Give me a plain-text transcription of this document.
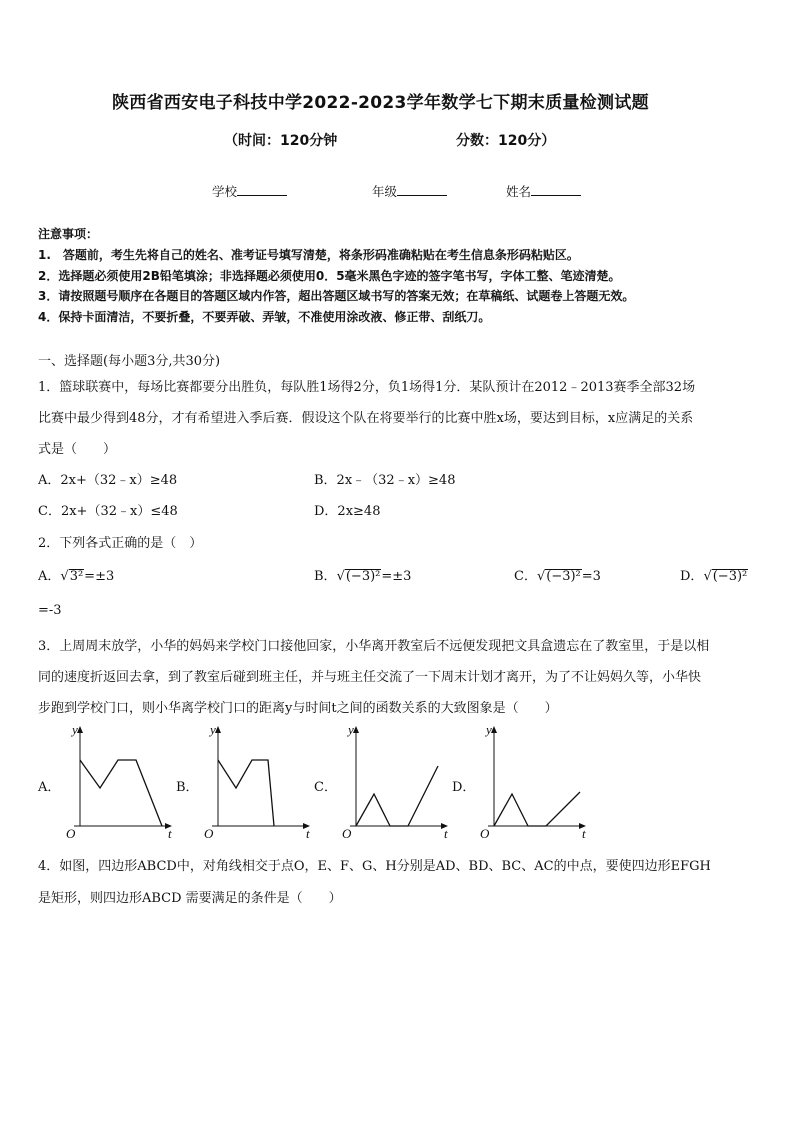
陕西省西安电子科技中学2022-2023学年数学七下期末质量检测试题
（时间：120分钟	分数：120分）
学校	年级	姓名
注意事项：
1.　答题前，考生先将自己的姓名、准考证号填写清楚，将条形码准确粘贴在考生信息条形码粘贴区。
2．选择题必须使用2B铅笔填涂；非选择题必须使用0．5毫米黑色字迹的签字笔书写，字体工整、笔迹清楚。
3．请按照题号顺序在各题目的答题区域内作答，超出答题区域书写的答案无效；在草稿纸、试题卷上答题无效。
4．保持卡面清洁，不要折叠，不要弄破、弄皱，不准使用涂改液、修正带、刮纸刀。
一、选择题(每小题3分,共30分)
1．篮球联赛中，每场比赛都要分出胜负，每队胜1场得2分，负1场得1分．某队预计在2012﹣2013赛季全部32场
比赛中最少得到48分，才有希望进入季后赛．假设这个队在将要举行的比赛中胜x场，要达到目标，x应满足的关系
式是（　　）
A．2x+（32﹣x）≥48	B．2x﹣（32﹣x）≥48
C．2x+（32﹣x）≤48	D．2x≥48
2．下列各式正确的是（　）
A．√3²=±3	B．√(−3)²=±3	C．√(−3)²=3	D．√(−3)²
=-3
3．上周周末放学，小华的妈妈来学校门口接他回家，小华离开教室后不远便发现把文具盒遗忘在了教室里，于是以相
同的速度折返回去拿，到了教室后碰到班主任，并与班主任交流了一下周末计划才离开，为了不让妈妈久等，小华快
步跑到学校门口，则小华离学校门口的距离y与时间t之间的函数关系的大致图象是（　　）
A．
y
t
O
B．
y
t
O
C．
y
t
O
D．
y
t
O
4．如图，四边形ABCD中，对角线相交于点O，E、F、G、H分别是AD、BD、BC、AC的中点，要使四边形EFGH
是矩形，则四边形ABCD 需要满足的条件是（　　）
